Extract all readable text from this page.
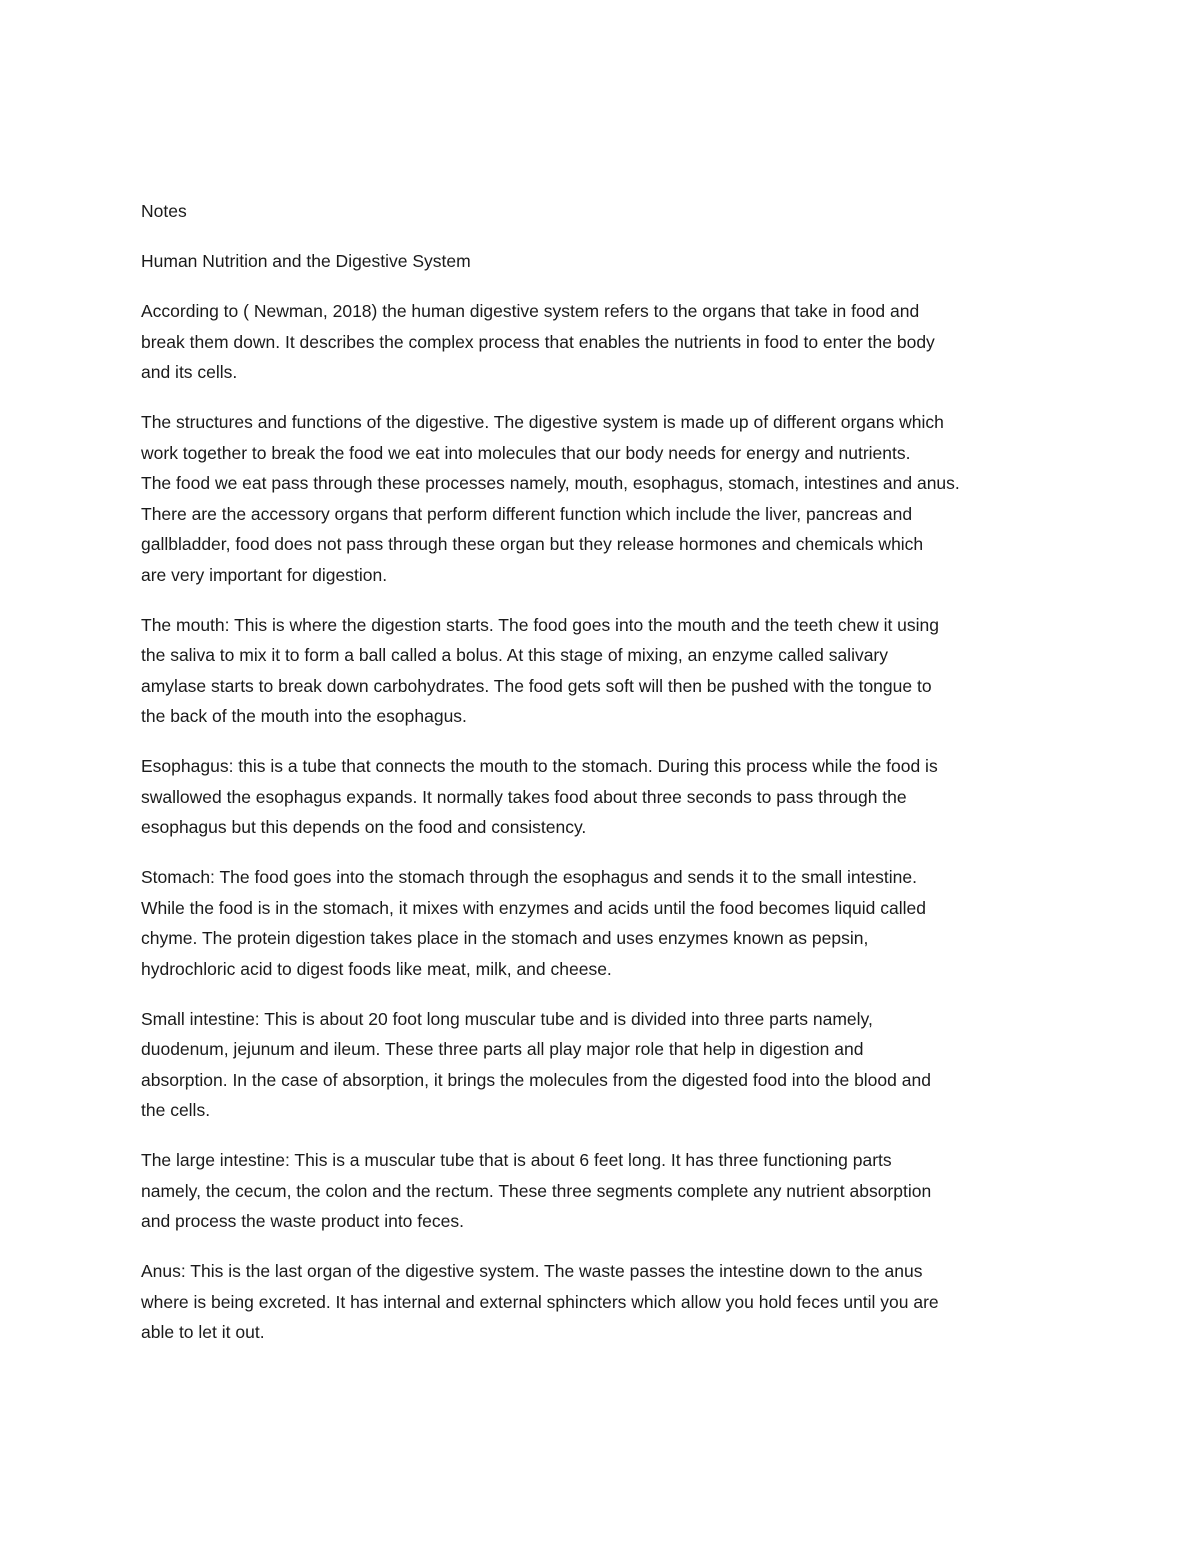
Notes

Human Nutrition and the Digestive System

According to ( Newman, 2018) the human digestive system refers to the organs that take in food and
break them down. It describes the complex process that enables the nutrients in food to enter the body
and its cells.

The structures and functions of the digestive. The digestive system is made up of different organs which
work together to break the food we eat into molecules that our body needs for energy and nutrients.
The food we eat pass through these processes namely, mouth, esophagus, stomach, intestines and anus.
There are the accessory organs that perform different function which include the liver, pancreas and
gallbladder, food does not pass through these organ but they release hormones and chemicals which
are very important for digestion.

The mouth: This is where the digestion starts. The food goes into the mouth and the teeth chew it using
the saliva to mix it to form a ball called a bolus. At this stage of mixing, an enzyme called salivary
amylase starts to break down carbohydrates. The food gets soft will then be pushed with the tongue to
the back of the mouth into the esophagus.

Esophagus: this is a tube that connects the mouth to the stomach. During this process while the food is
swallowed the esophagus expands. It normally takes food about three seconds to pass through the
esophagus but this depends on the food and consistency.

Stomach: The food goes into the stomach through the esophagus and sends it to the small intestine.
While the food is in the stomach, it mixes with enzymes and acids until the food becomes liquid called
chyme. The protein digestion takes place in the stomach and uses enzymes known as pepsin,
hydrochloric acid to digest foods like meat, milk, and cheese.

Small intestine: This is about 20 foot long muscular tube and is divided into three parts namely,
duodenum, jejunum and ileum. These three parts all play major role that help in digestion and
absorption. In the case of absorption, it brings the molecules from the digested food into the blood and
the cells.

The large intestine: This is a muscular tube that is about 6 feet long. It has three functioning parts
namely, the cecum, the colon and the rectum. These three segments complete any nutrient absorption
and process the waste product into feces.

Anus: This is the last organ of the digestive system. The waste passes the intestine down to the anus
where is being excreted. It has internal and external sphincters which allow you hold feces until you are
able to let it out.
